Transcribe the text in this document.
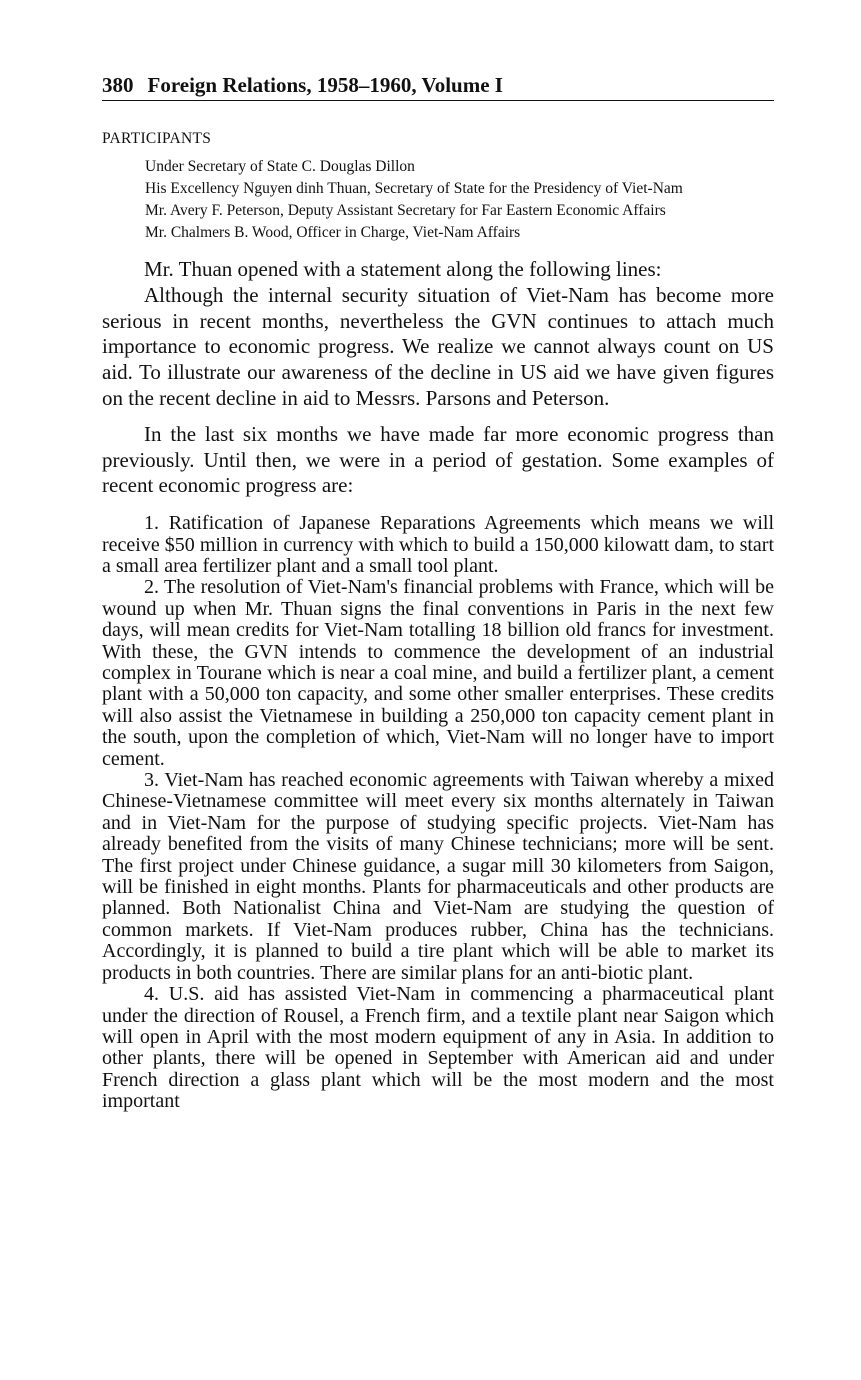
380 Foreign Relations, 1958–1960, Volume I
PARTICIPANTS
Under Secretary of State C. Douglas Dillon
His Excellency Nguyen dinh Thuan, Secretary of State for the Presidency of Viet-Nam
Mr. Avery F. Peterson, Deputy Assistant Secretary for Far Eastern Economic Affairs
Mr. Chalmers B. Wood, Officer in Charge, Viet-Nam Affairs

Mr. Thuan opened with a statement along the following lines:

Although the internal security situation of Viet-Nam has become more serious in recent months, nevertheless the GVN continues to attach much importance to economic progress. We realize we cannot always count on US aid. To illustrate our awareness of the decline in US aid we have given figures on the recent decline in aid to Messrs. Parsons and Peterson.

In the last six months we have made far more economic progress than previously. Until then, we were in a period of gestation. Some examples of recent economic progress are:

1. Ratification of Japanese Reparations Agreements which means we will receive $50 million in currency with which to build a 150,000 kilowatt dam, to start a small area fertilizer plant and a small tool plant.

2. The resolution of Viet-Nam's financial problems with France, which will be wound up when Mr. Thuan signs the final conventions in Paris in the next few days, will mean credits for Viet-Nam totalling 18 billion old francs for investment. With these, the GVN intends to commence the development of an industrial complex in Tourane which is near a coal mine, and build a fertilizer plant, a cement plant with a 50,000 ton capacity, and some other smaller enterprises. These credits will also assist the Vietnamese in building a 250,000 ton capacity cement plant in the south, upon the completion of which, Viet-Nam will no longer have to import cement.

3. Viet-Nam has reached economic agreements with Taiwan whereby a mixed Chinese-Vietnamese committee will meet every six months alternately in Taiwan and in Viet-Nam for the purpose of studying specific projects. Viet-Nam has already benefited from the visits of many Chinese technicians; more will be sent. The first project under Chinese guidance, a sugar mill 30 kilometers from Saigon, will be finished in eight months. Plants for pharmaceuticals and other products are planned. Both Nationalist China and Viet-Nam are studying the question of common markets. If Viet-Nam produces rubber, China has the technicians. Accordingly, it is planned to build a tire plant which will be able to market its products in both countries. There are similar plans for an anti-biotic plant.

4. U.S. aid has assisted Viet-Nam in commencing a pharmaceutical plant under the direction of Rousel, a French firm, and a textile plant near Saigon which will open in April with the most modern equipment of any in Asia. In addition to other plants, there will be opened in September with American aid and under French direction a glass plant which will be the most modern and the most important
